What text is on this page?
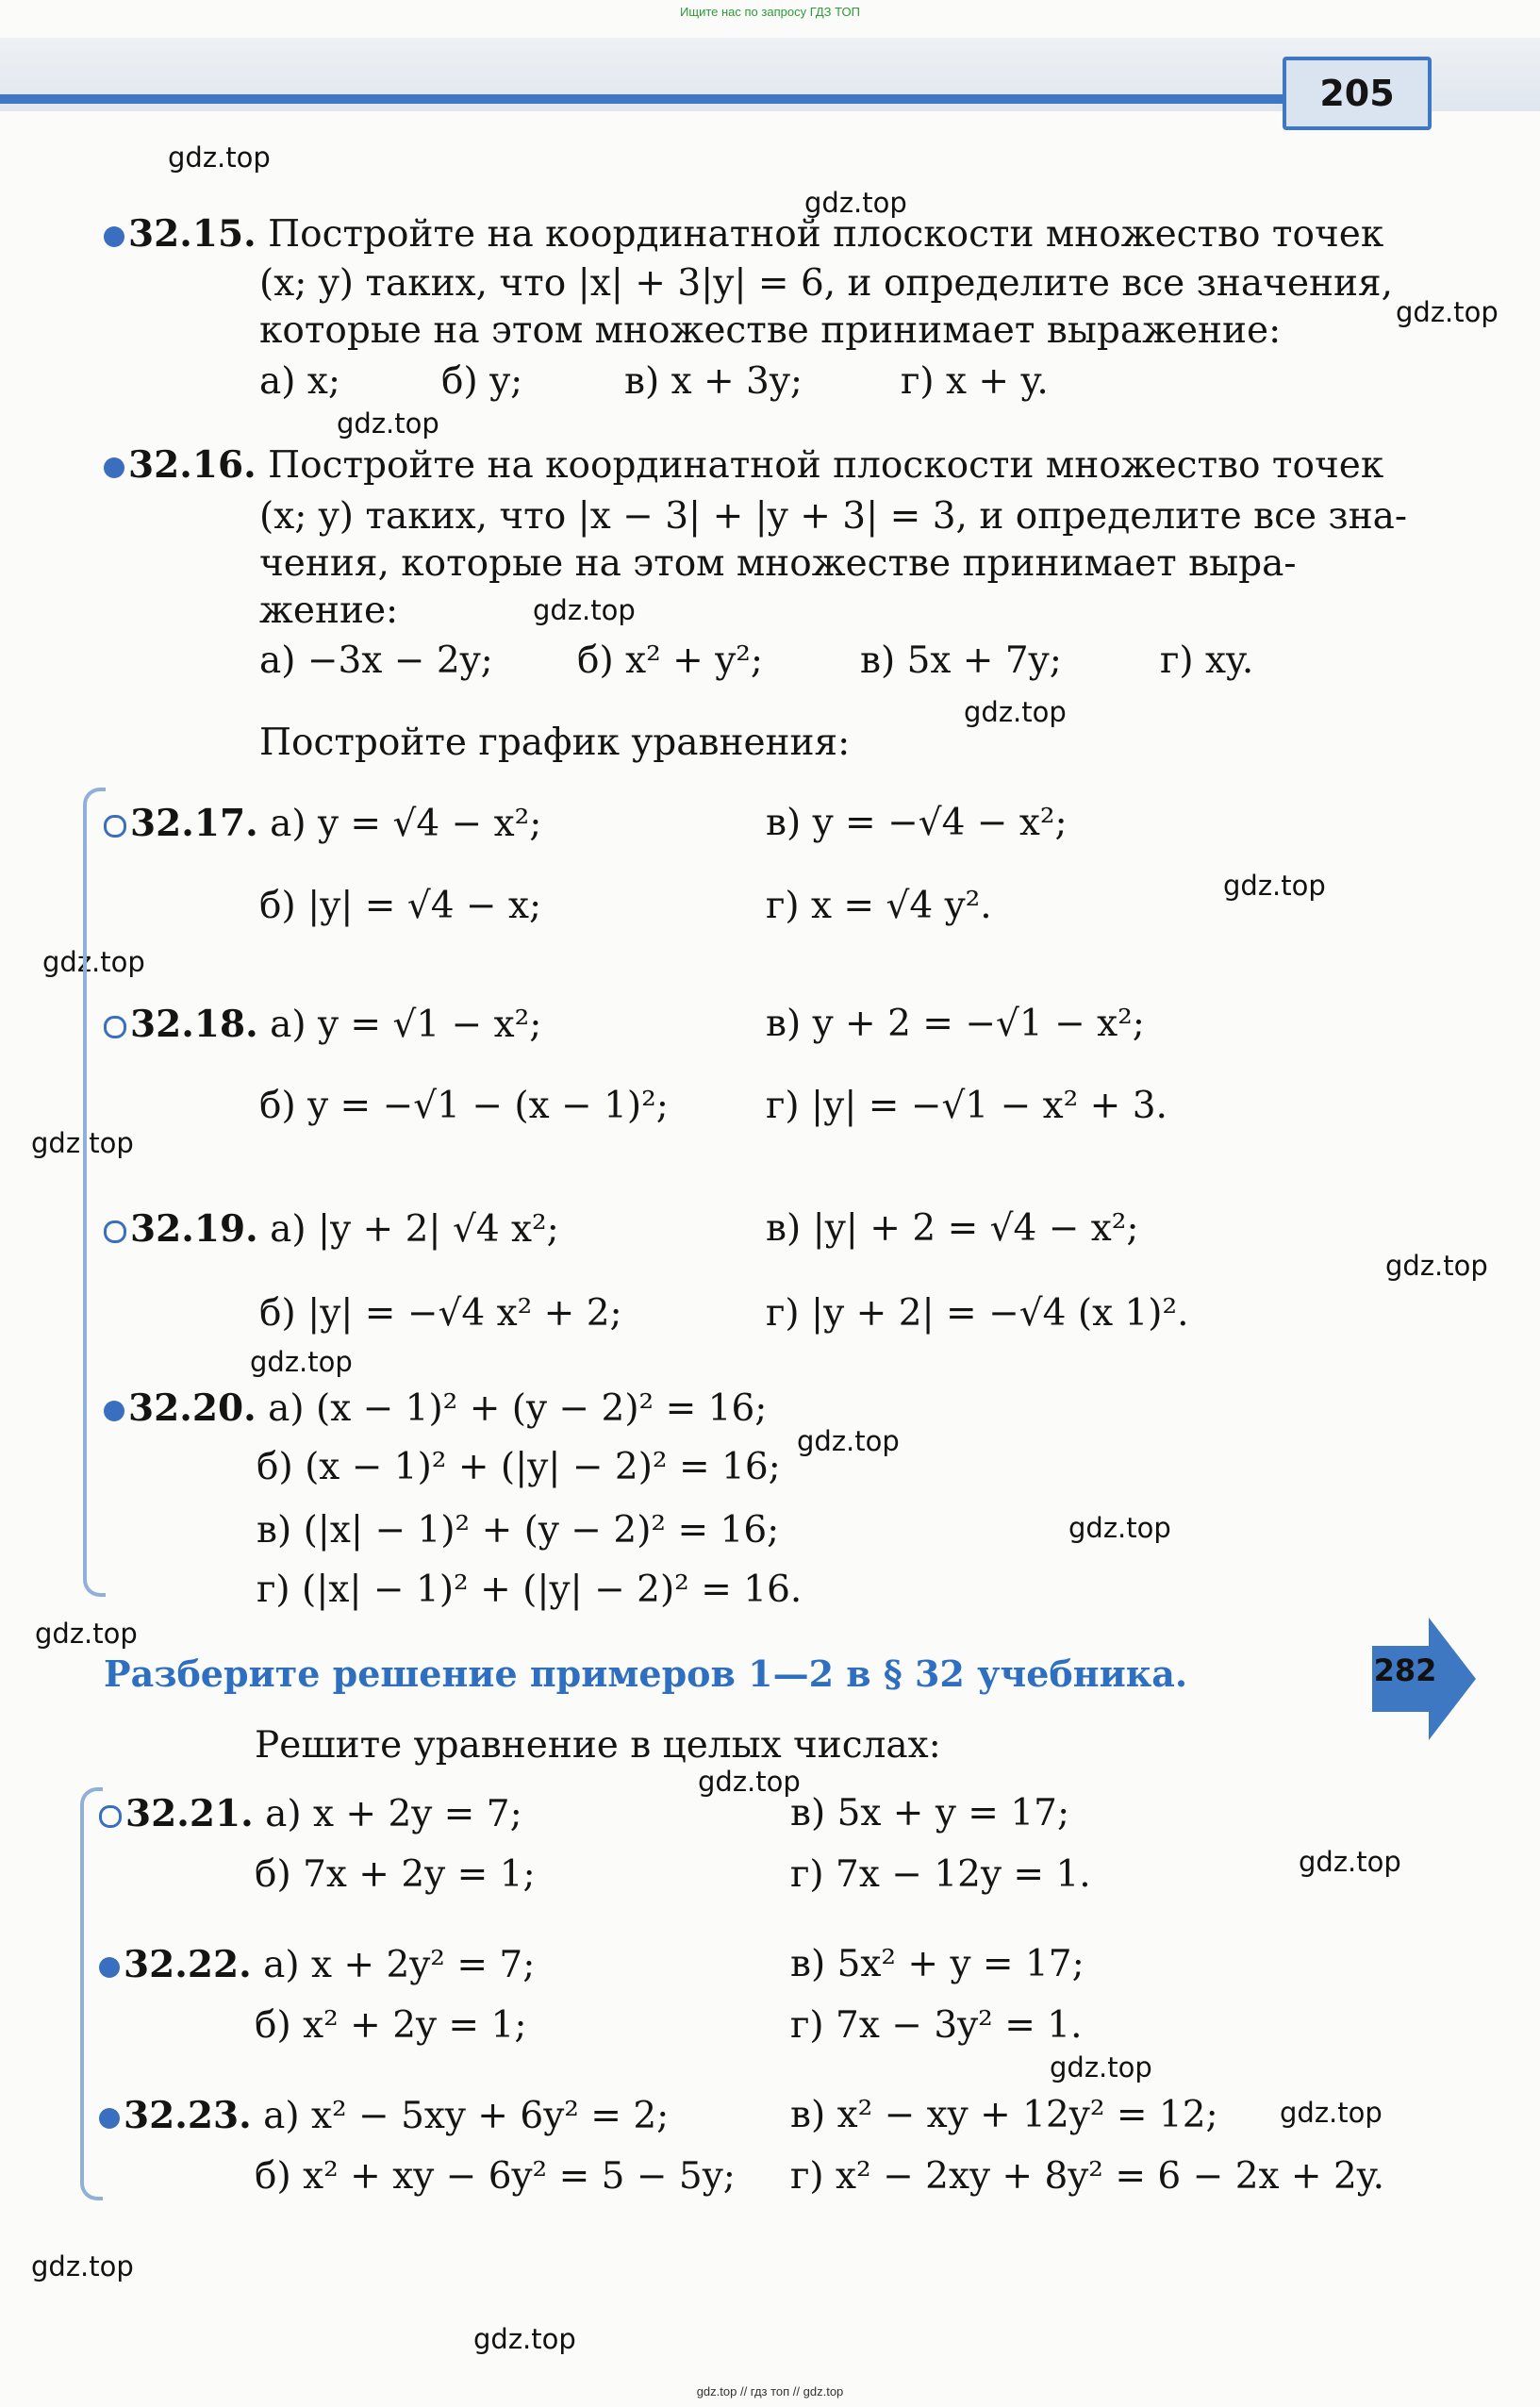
Ищите нас по запросу ГДЗ ТОП
205
gdz.top
gdz.top
gdz.top
gdz.top
gdz.top
gdz.top
gdz.top
gdz.top
gdz.top
gdz.top
gdz.top
gdz.top
gdz.top
gdz.top
gdz.top
gdz.top
gdz.top
gdz.top
gdz.top
gdz.top
32.15. Постройте на координатной плоскости множество точек
(x; y) таких, что |x| + 3|y| = 6, и определите все значения,
которые на этом множестве принимает выражение:
а) x;	б) y;	в) x + 3y;	г) x + y.
32.16. Постройте на координатной плоскости множество точек
(x; y) таких, что |x − 3| + |y + 3| = 3, и определите все зна-
чения, которые на этом множестве принимает выра-
жение:
а) −3x − 2y; б) x² + y²;	в) 5x + 7y;	г) xy.
Постройте график уравнения:
32.17. а) y = √4 − x²;	в) y = −√4 − x²;
б) |y| = √4 − x;	г) x = √4 y².
32.18. а) y = √1 − x²;	в) y + 2 = −√1 − x²;
б) y = −√1 − (x − 1)²;	г) |y| = −√1 − x² + 3.
32.19. а) |y + 2| √4 x²;	в) |y| + 2 = √4 − x²;
б) |y| = −√4 x² + 2;	г) |y + 2| = −√4 (x 1)².
32.20. а) (x − 1)² + (y − 2)² = 16;
б) (x − 1)² + (|y| − 2)² = 16;
в) (|x| − 1)² + (y − 2)² = 16;
г) (|x| − 1)² + (|y| − 2)² = 16.
Разберите решение примеров 1—2 в § 32 учебника.	282
Решите уравнение в целых числах:
32.21. а) x + 2y = 7;	в) 5x + y = 17;
б) 7x + 2y = 1;	г) 7x − 12y = 1.
32.22. а) x + 2y² = 7;	в) 5x² + y = 17;
б) x² + 2y = 1;	г) 7x − 3y² = 1.
32.23. а) x² − 5xy + 6y² = 2;	в) x² − xy + 12y² = 12;
б) x² + xy − 6y² = 5 − 5y; г) x² − 2xy + 8y² = 6 − 2x + 2y.
gdz.top // гдз топ // gdz.top
